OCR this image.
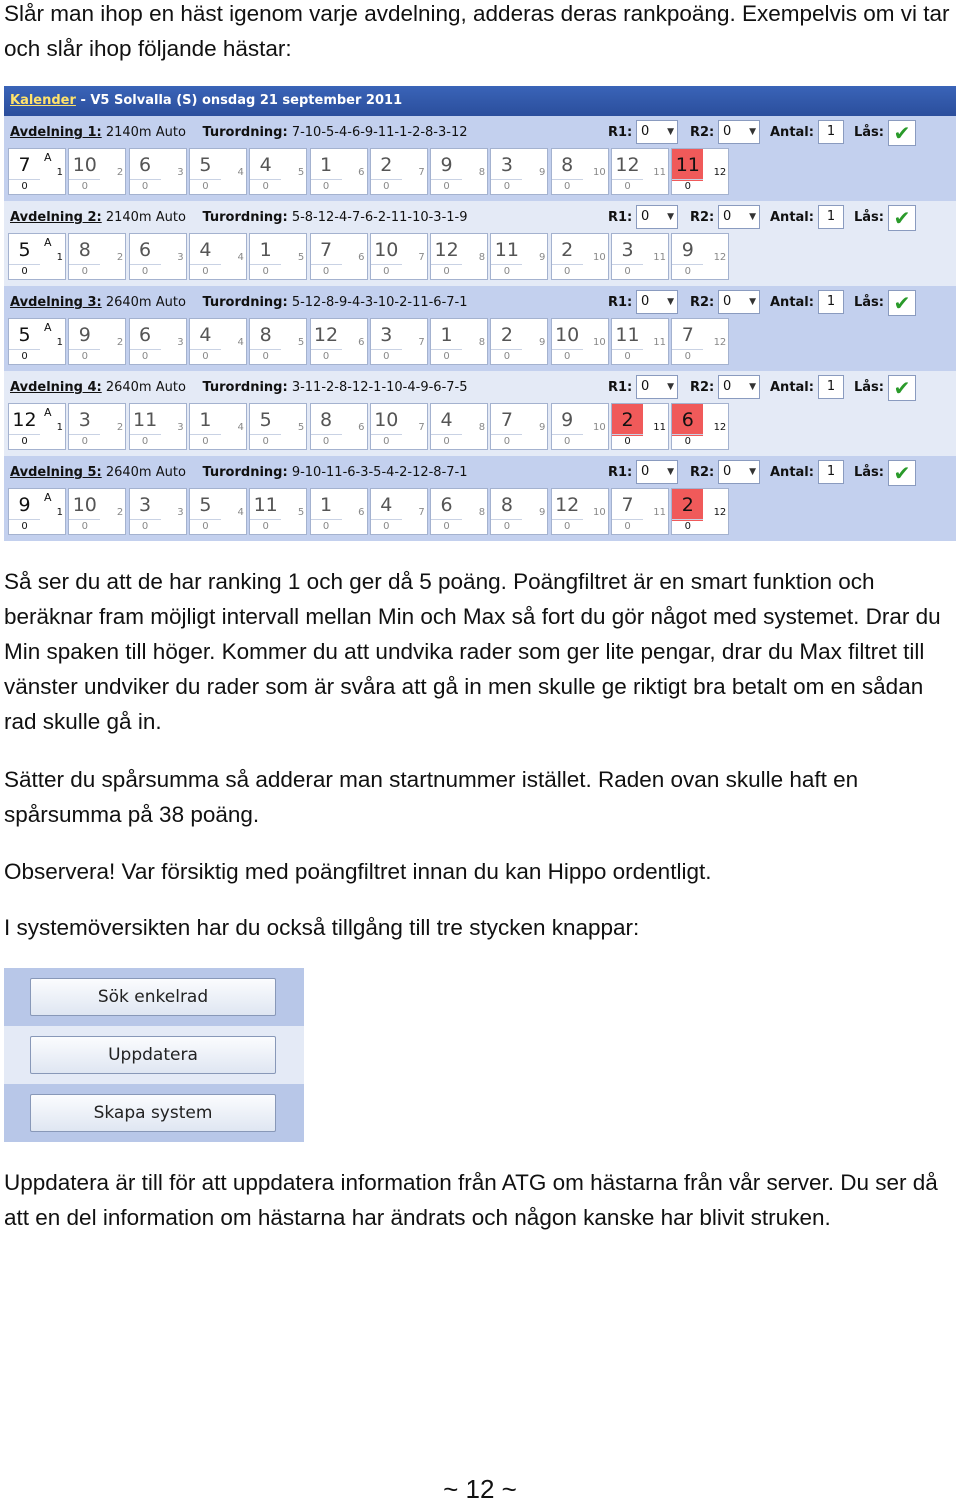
Slår man ihop en häst igenom varje avdelning, adderas deras rankpoäng. Exempelvis om vi tar och slår ihop följande hästar:

Kalender - V5 Solvalla (S) onsdag 21 september 2011
Avdelning 1: 2140m Auto Turordning: 7-10-5-4-6-9-11-1-2-8-3-12	R1: 0 ▼	R2: 0 ▼	Antal: 1	Lås: ✔
7	A
1
0
10	2
0
6	3
0
5	4
0
4	5
0
1	6
0
2	7
0
9	8
0
3	9
0
8	10
0
12	11
0
11	12
0
Avdelning 2: 2140m Auto Turordning: 5-8-12-4-7-6-2-11-10-3-1-9	R1: 0 ▼	R2: 0 ▼	Antal: 1	Lås: ✔
5	A
1
0
8	2
0
6	3
0
4	4
0
1	5
0
7	6
0
10	7
0
12	8
0
11	9
0
2	10
0
3	11
0
9	12
0
Avdelning 3: 2640m Auto Turordning: 5-12-8-9-4-3-10-2-11-6-7-1	R1: 0 ▼	R2: 0 ▼	Antal: 1	Lås: ✔
5	A
1
0
9	2
0
6	3
0
4	4
0
8	5
0
12	6
0
3	7
0
1	8
0
2	9
0
10	10
0
11	11
0
7	12
0
Avdelning 4: 2640m Auto Turordning: 3-11-2-8-12-1-10-4-9-6-7-5	R1: 0 ▼	R2: 0 ▼	Antal: 1	Lås: ✔
12 A
1
0
3	2
0
11	3
0
1	4
0
5	5
0
8	6
0
10	7
0
4	8
0
7	9
0
9	10
0
2	11
0
6	12
0
Avdelning 5: 2640m Auto Turordning: 9-10-11-6-3-5-4-2-12-8-7-1	R1: 0 ▼	R2: 0 ▼	Antal: 1	Lås: ✔
9	A
1
0
10	2
0
3	3
0
5	4
0
11	5
0
1	6
0
4	7
0
6	8
0
8	9
0
12	10
0
7	11
0
2	12
0

Så ser du att de har ranking 1 och ger då 5 poäng. Poängfiltret är en smart funktion och beräknar fram möjligt intervall mellan Min och Max så fort du gör något med systemet. Drar du Min spaken till höger. Kommer du att undvika rader som ger lite pengar, drar du Max filtret till vänster undviker du rader som är svåra att gå in men skulle ge riktigt bra betalt om en sådan rad skulle gå in.

Sätter du spårsumma så adderar man startnummer istället. Raden ovan skulle haft en spårsumma på 38 poäng.

Observera! Var försiktig med poängfiltret innan du kan Hippo ordentligt.

I systemöversikten har du också tillgång till tre stycken knappar:

Sök enkelrad
Uppdatera
Skapa system

Uppdatera är till för att uppdatera information från ATG om hästarna från vår server. Du ser då att en del information om hästarna har ändrats och någon kanske har blivit struken.

~ 12 ~
